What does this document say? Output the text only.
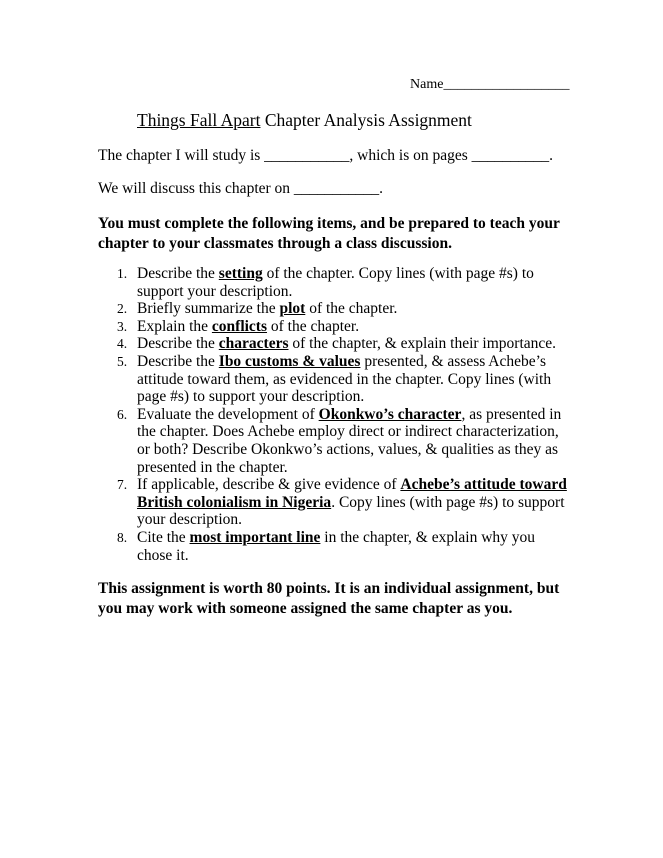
Name__________________
Things Fall Apart Chapter Analysis Assignment
The chapter I will study is ___________, which is on pages __________.
We will discuss this chapter on ___________.
You must complete the following items, and be prepared to teach your chapter to your classmates through a class discussion.
1. Describe the setting of the chapter. Copy lines (with page #s) to support your description.
2. Briefly summarize the plot of the chapter.
3. Explain the conflicts of the chapter.
4. Describe the characters of the chapter, & explain their importance.
5. Describe the Ibo customs & values presented, & assess Achebe’s attitude toward them, as evidenced in the chapter. Copy lines (with page #s) to support your description.
6. Evaluate the development of Okonkwo’s character, as presented in the chapter. Does Achebe employ direct or indirect characterization, or both? Describe Okonkwo’s actions, values, & qualities as they as presented in the chapter.
7. If applicable, describe & give evidence of Achebe’s attitude toward British colonialism in Nigeria. Copy lines (with page #s) to support your description.
8. Cite the most important line in the chapter, & explain why you chose it.
This assignment is worth 80 points. It is an individual assignment, but you may work with someone assigned the same chapter as you.
